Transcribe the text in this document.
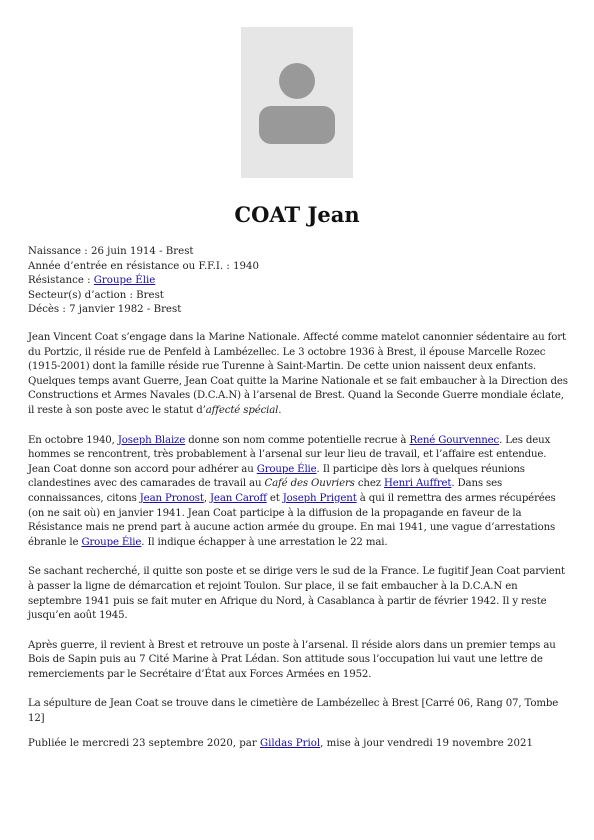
COAT Jean
Naissance : 26 juin 1914 - Brest
Année d’entrée en résistance ou F.F.I. : 1940
Résistance : Groupe Élie
Secteur(s) d’action : Brest
Décès : 7 janvier 1982 - Brest

Jean Vincent Coat s’engage dans la Marine Nationale. Affecté comme matelot canonnier sédentaire au fort du Portzic, il réside rue de Penfeld à Lambézellec. Le 3 octobre 1936 à Brest, il épouse Marcelle Rozec (1915-2001) dont la famille réside rue Turenne à Saint-Martin. De cette union naissent deux enfants. Quelques temps avant Guerre, Jean Coat quitte la Marine Nationale et se fait embaucher à la Direction des Constructions et Armes Navales (D.C.A.N) à l’arsenal de Brest. Quand la Seconde Guerre mondiale éclate, il reste à son poste avec le statut d’affecté spécial.

En octobre 1940, Joseph Blaize donne son nom comme potentielle recrue à René Gourvennec. Les deux hommes se rencontrent, très probablement à l’arsenal sur leur lieu de travail, et l’affaire est entendue. Jean Coat donne son accord pour adhérer au Groupe Élie. Il participe dès lors à quelques réunions clandestines avec des camarades de travail au Café des Ouvriers chez Henri Auffret. Dans ses connaissances, citons Jean Pronost, Jean Caroff et Joseph Prigent à qui il remettra des armes récupérées (on ne sait où) en janvier 1941. Jean Coat participe à la diffusion de la propagande en faveur de la Résistance mais ne prend part à aucune action armée du groupe. En mai 1941, une vague d’arrestations ébranle le Groupe Élie. Il indique échapper à une arrestation le 22 mai.

Se sachant recherché, il quitte son poste et se dirige vers le sud de la France. Le fugitif Jean Coat parvient à passer la ligne de démarcation et rejoint Toulon. Sur place, il se fait embaucher à la D.C.A.N en septembre 1941 puis se fait muter en Afrique du Nord, à Casablanca à partir de février 1942. Il y reste jusqu’en août 1945.

Après guerre, il revient à Brest et retrouve un poste à l’arsenal. Il réside alors dans un premier temps au Bois de Sapin puis au 7 Cité Marine à Prat Lédan. Son attitude sous l’occupation lui vaut une lettre de remerciements par le Secrétaire d’État aux Forces Armées en 1952.

La sépulture de Jean Coat se trouve dans le cimetière de Lambézellec à Brest [Carré 06, Rang 07, Tombe 12]

Publiée le mercredi 23 septembre 2020, par Gildas Priol, mise à jour vendredi 19 novembre 2021
